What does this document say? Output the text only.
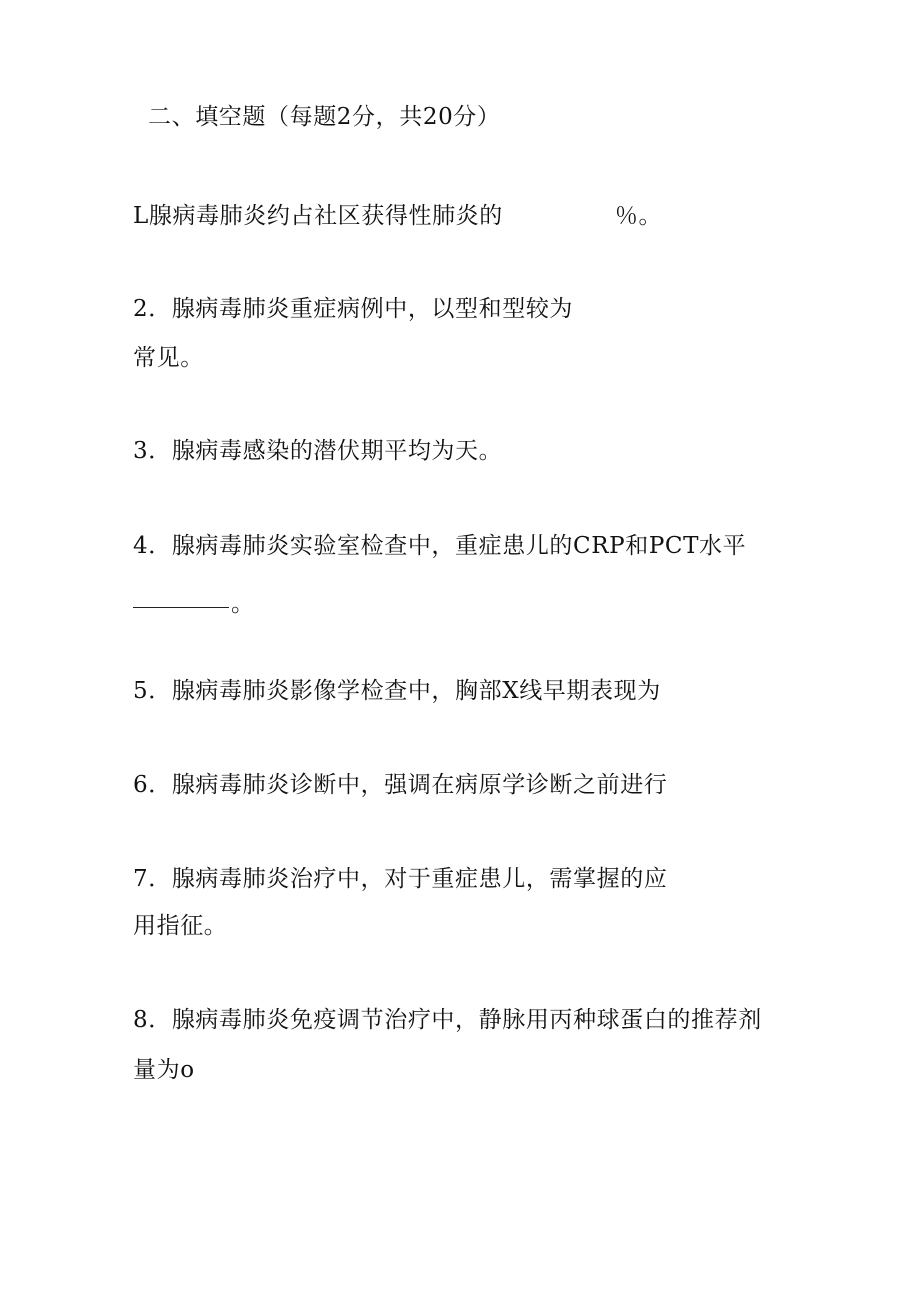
二、填空题（每题2分，共20分）
L腺病毒肺炎约占社区获得性肺炎的	％。
2．腺病毒肺炎重症病例中，以型和型较为
常见。
3．腺病毒感染的潜伏期平均为天。
4．腺病毒肺炎实验室检查中，重症患儿的CRP和PCT水平
。
5．腺病毒肺炎影像学检查中，胸部X线早期表现为
6．腺病毒肺炎诊断中，强调在病原学诊断之前进行
7．腺病毒肺炎治疗中，对于重症患儿，需掌握的应
用指征。
8．腺病毒肺炎免疫调节治疗中，静脉用丙种球蛋白的推荐剂
量为o
